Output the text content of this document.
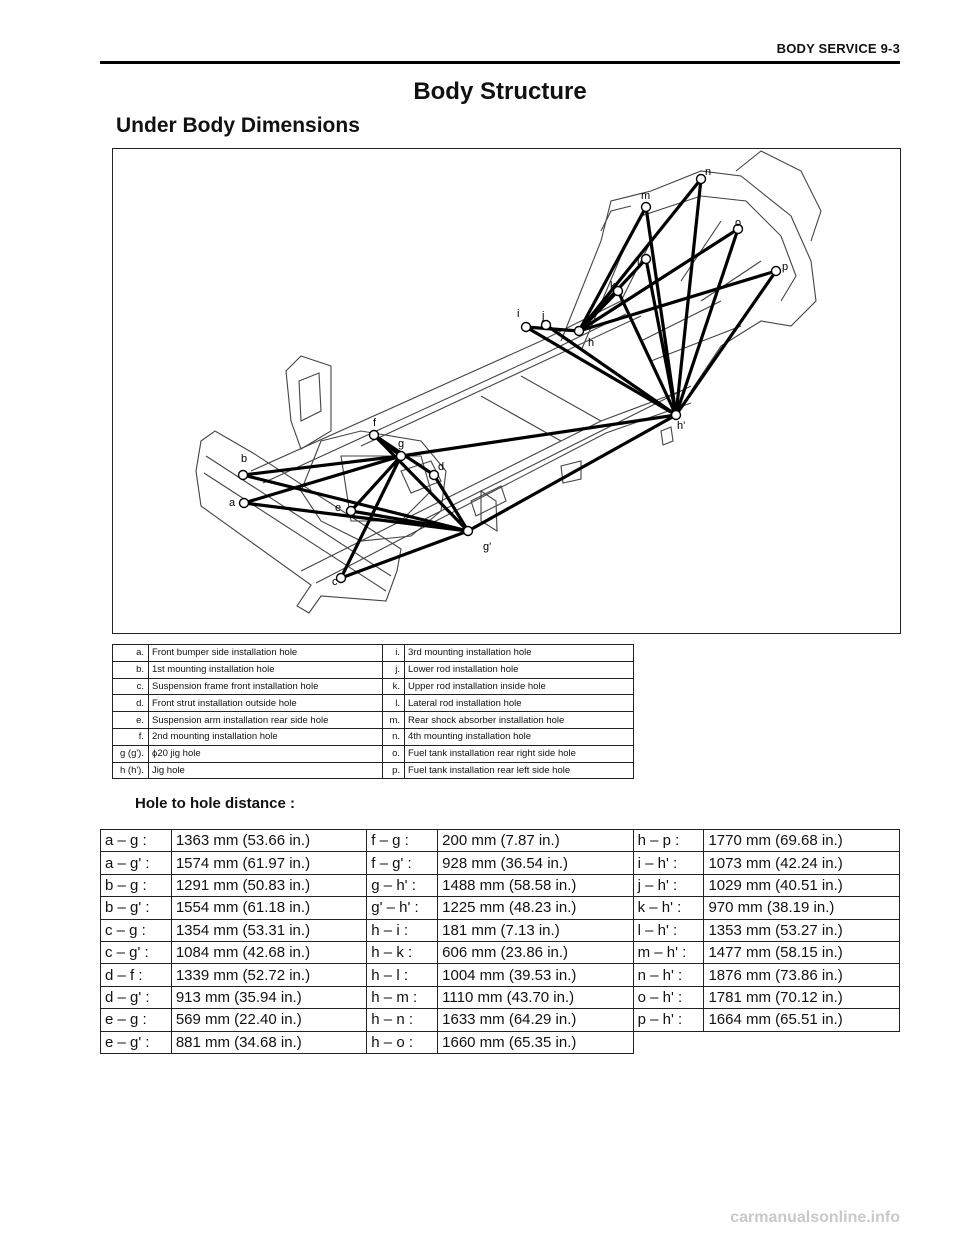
BODY SERVICE 9-3
Body Structure
Under Body Dimensions
a
b
c
d
e
f
g
g'
h
h'
i j
k
l
m
n
o
p
a.	Front bumper side installation hole	i.	3rd mounting installation hole
b.	1st mounting installation hole	j.	Lower rod installation hole
c.	Suspension frame front installation hole	k.	Upper rod installation inside hole
d.	Front strut installation outside hole	l.	Lateral rod installation hole
e.	Suspension arm installation rear side hole	m.	Rear shock absorber installation hole
f.	2nd mounting installation hole	n.	4th mounting installation hole
g (g').	ϕ20 jig hole	o.	Fuel tank installation rear right side hole
h (h').	Jig hole	p.	Fuel tank installation rear left side hole
Hole to hole distance :
a – g :	1363 mm (53.66 in.)	f – g :	200 mm (7.87 in.)	h – p :	1770 mm (69.68 in.)
a – g' :	1574 mm (61.97 in.)	f – g' :	928 mm (36.54 in.)	i – h' :	1073 mm (42.24 in.)
b – g :	1291 mm (50.83 in.)	g – h' :	1488 mm (58.58 in.)	j – h' :	1029 mm (40.51 in.)
b – g' :	1554 mm (61.18 in.)	g' – h' :	1225 mm (48.23 in.)	k – h' :	970 mm (38.19 in.)
c – g :	1354 mm (53.31 in.)	h – i :	181 mm (7.13 in.)	l – h' :	1353 mm (53.27 in.)
c – g' :	1084 mm (42.68 in.)	h – k :	606 mm (23.86 in.)	m – h' :	1477 mm (58.15 in.)
d – f :	1339 mm (52.72 in.)	h – l :	1004 mm (39.53 in.)	n – h' :	1876 mm (73.86 in.)
d – g' :	913 mm (35.94 in.)	h – m :	1110 mm (43.70 in.)	o – h' :	1781 mm (70.12 in.)
e – g :	569 mm (22.40 in.)	h – n :	1633 mm (64.29 in.)	p – h' :	1664 mm (65.51 in.)
e – g' :	881 mm (34.68 in.)	h – o :	1660 mm (65.35 in.)		
carmanualsonline.info
